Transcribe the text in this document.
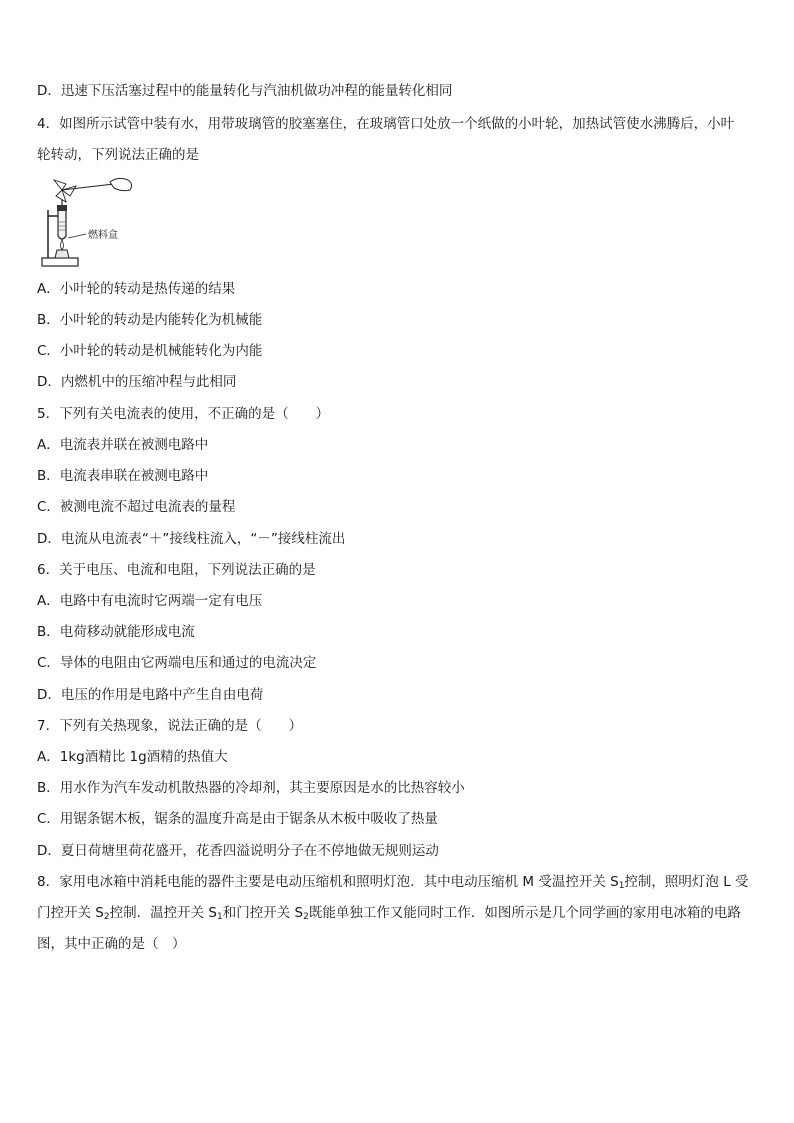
D．迅速下压活塞过程中的能量转化与汽油机做功冲程的能量转化相同
4．如图所示试管中装有水，用带玻璃管的胶塞塞住，在玻璃管口处放一个纸做的小叶轮，加热试管使水沸腾后，小叶
轮转动，下列说法正确的是
燃料盒
A．小叶轮的转动是热传递的结果
B．小叶轮的转动是内能转化为机械能
C．小叶轮的转动是机械能转化为内能
D．内燃机中的压缩冲程与此相同
5．下列有关电流表的使用，不正确的是（　　）
A．电流表并联在被测电路中
B．电流表串联在被测电路中
C．被测电流不超过电流表的量程
D．电流从电流表“＋”接线柱流入，“－”接线柱流出
6．关于电压、电流和电阻，下列说法正确的是
A．电路中有电流时它两端一定有电压
B．电荷移动就能形成电流
C．导体的电阻由它两端电压和通过的电流决定
D．电压的作用是电路中产生自由电荷
7．下列有关热现象，说法正确的是（　　）
A．1kg酒精比 1g酒精的热值大
B．用水作为汽车发动机散热器的冷却剂，其主要原因是水的比热容较小
C．用锯条锯木板，锯条的温度升高是由于锯条从木板中吸收了热量
D．夏日荷塘里荷花盛开，花香四溢说明分子在不停地做无规则运动
8．家用电冰箱中消耗电能的器件主要是电动压缩机和照明灯泡．其中电动压缩机 M 受温控开关 $S_1$控制，照明灯泡 L 受
门控开关 $S_2$控制．温控开关 $S_1$和门控开关 $S_2$既能单独工作又能同时工作．如图所示是几个同学画的家用电冰箱的电路
图，其中正确的是（　）
